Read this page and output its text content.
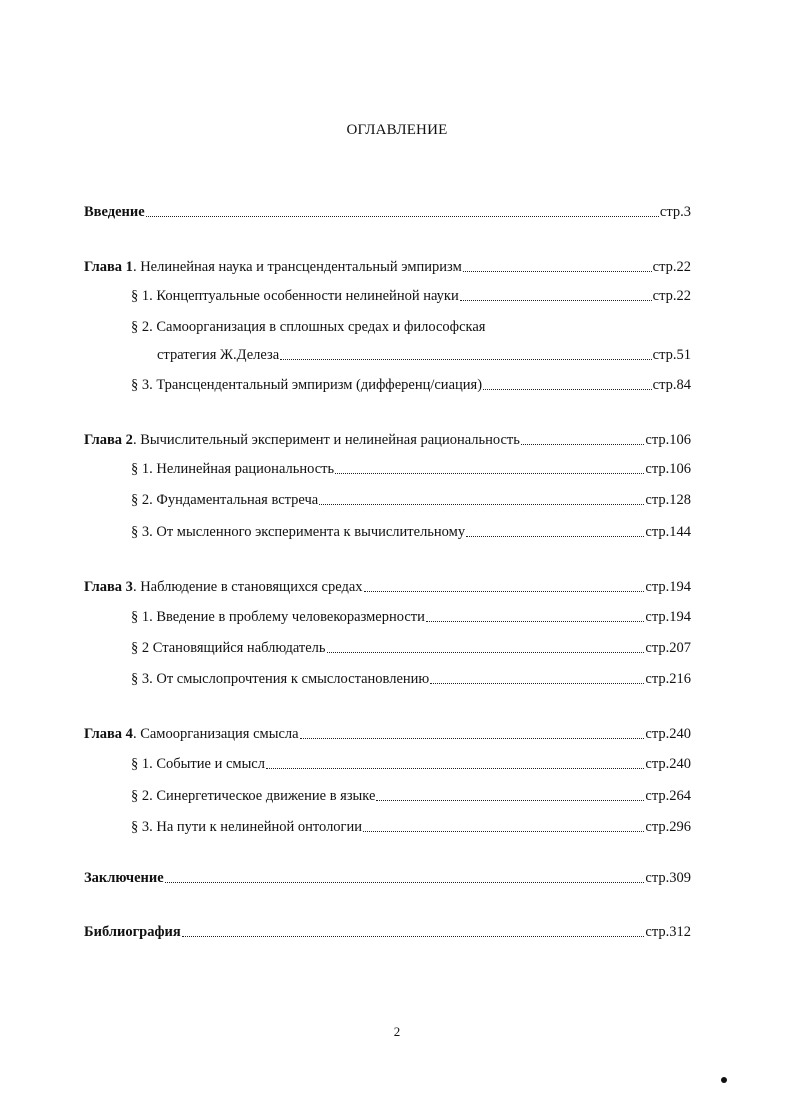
ОГЛАВЛЕНИЕ
Введение	стр.3
Глава 1 . Нелинейная наука и трансцендентальный эмпиризм	стр.22
§ 1. Концептуальные особенности нелинейной науки	стр.22
§ 2. Самоорганизация в сплошных средах и философская
стратегия Ж.Делеза	стр.51
§ 3. Трансцендентальный эмпиризм (дифференц/сиация)	стр.84
Глава 2 . Вычислительный эксперимент и нелинейная рациональность	стр.106
§ 1. Нелинейная рациональность	стр.106
§ 2. Фундаментальная встреча	стр.128
§ 3. От мысленного эксперимента к вычислительному	стр.144
Глава 3 . Наблюдение в становящихся средах	стр.194
§ 1. Введение в проблему человекоразмерности	стр.194
§ 2 Становящийся наблюдатель	стр.207
§ 3. От смыслопрочтения к смыслостановлению	стр.216
Глава 4 . Самоорганизация смысла	стр.240
§ 1. Событие и смысл	стр.240
§ 2. Синергетическое движение в языке	стр.264
§ 3. На пути к нелинейной онтологии	стр.296
Заключение	стр.309
Библиография	стр.312
2
